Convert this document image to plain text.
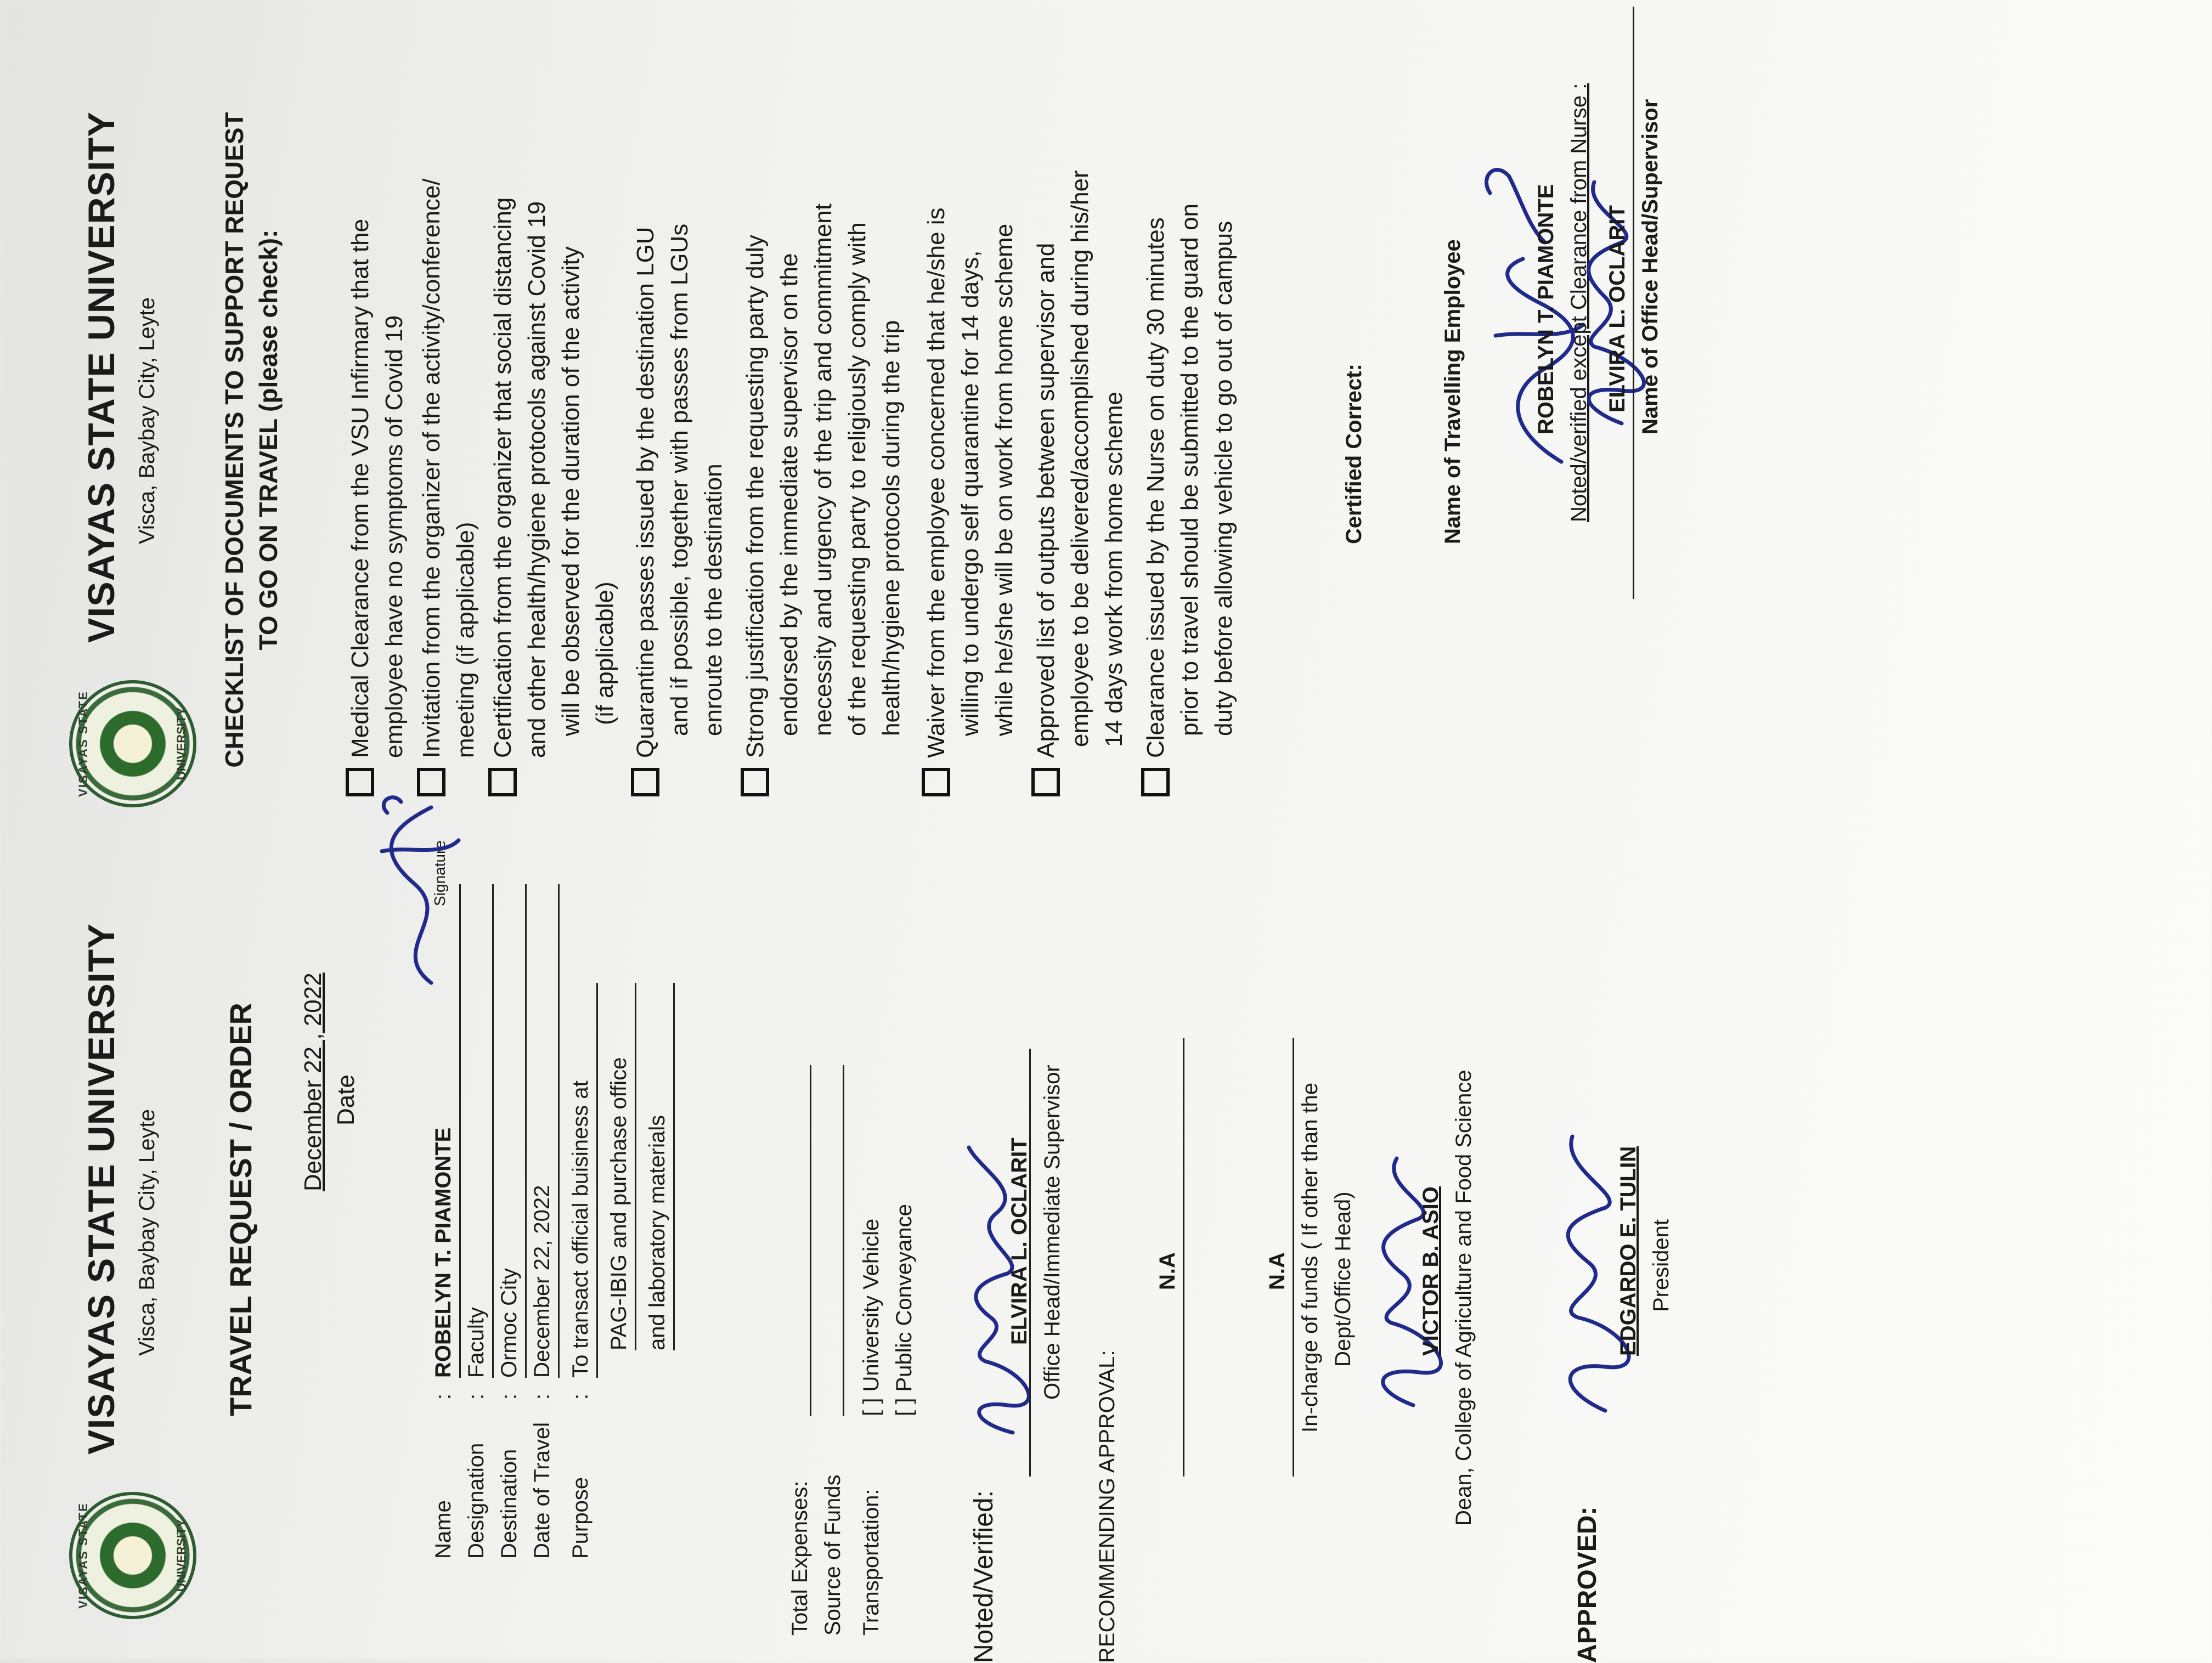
VISAYAS STATE	UNIVERSITY
VISAYAS STATE UNIVERSITY Visca, Baybay City, Leyte TRAVEL REQUEST / ORDER December 22 , 2022 Date
Name
:
ROBELYN T. PIAMONTE
Signature
Designation
:
Faculty
Destination
:
Ormoc City
Date of Travel
:
December 22, 2022
Purpose
:
To transact official buisiness at PAG-IBIG and purchase office and laboratory materials
Total Expenses: Source of Funds Transportation:
[ ] University Vehicle [ ] Public Conveyance
Noted/Verified:
ELVIRA L. OCLARIT Office Head/Immediate Supervisor
RECOMMENDING APPROVAL:
N.A	N.A In-charge of funds ( If other than the Dept/Office Head)	VICTOR B. ASIO Dean, College of Agriculture and Food Science
APPROVED:
EDGARDO E. TULIN President
VISAYAS STATE	UNIVERSITY
VISAYAS STATE UNIVERSITY Visca, Baybay City, Leyte CHECKLIST OF DOCUMENTS TO SUPPORT REQUEST TO GO ON TRAVEL (please check):	Medical Clearance from the VSU Infirmary that the employee have no symptoms of Covid 19 Invitation from the organizer of the activity/conference/ meeting (if applicable) Certification from the organizer that social distancing and other health/hygiene protocols against Covid 19 will be observed for the duration of the activity (if applicable) Quarantine passes issued by the destination LGU and if possible, together with passes from LGUs enroute to the destination Strong justification from the requesting party duly endorsed by the immediate supervisor on the necessity and urgency of the trip and commitment of the requesting party to religiously comply with health/hygiene protocols during the trip Waiver from the employee concerned that he/she is willing to undergo self quarantine for 14 days, while he/she will be on work from home scheme Approved list of outputs between supervisor and employee to be delivered/accomplished during his/her 14 days work from home scheme Clearance issued by the Nurse on duty 30 minutes prior to travel should be submitted to the guard on duty before allowing vehicle to go out of campus	Certified Correct:	Name of Travelling Employee	ROBELYN T. PIAMONTE Noted/verified except Clearance from Nurse : ELVIRA L. OCLARIT Name of Office Head/Supervisor
